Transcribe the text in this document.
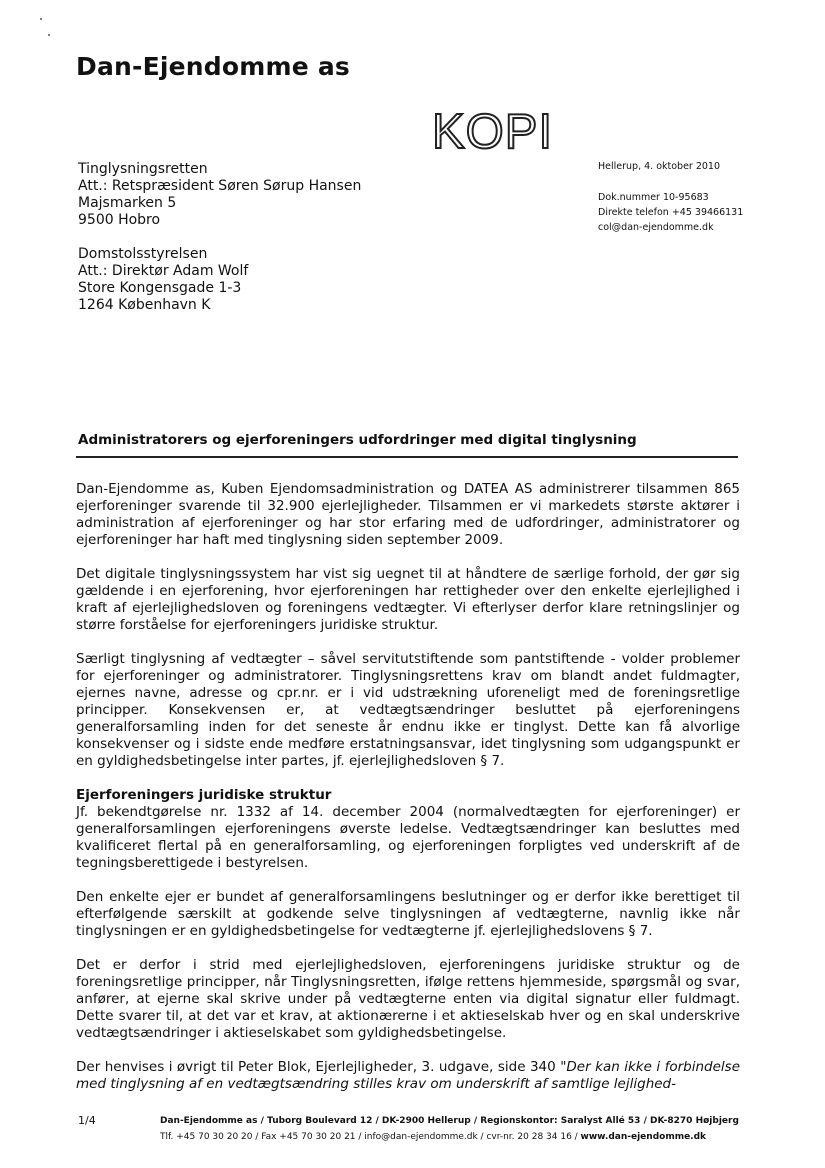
Dan-Ejendomme as
KOPI
Tinglysningsretten
Att.: Retspræsident Søren Sørup Hansen
Majsmarken 5
9500 Hobro
Domstolsstyrelsen
Att.: Direktør Adam Wolf
Store Kongensgade 1-3
1264 København K
Hellerup, 4. oktober 2010
Dok.nummer 10-95683
Direkte telefon +45 39466131
col@dan-ejendomme.dk
Administratorers og ejerforeningers udfordringer med digital tinglysning

Dan-Ejendomme as, Kuben Ejendomsadministration og DATEA AS administrerer tilsammen 865 ejerforeninger svarende til 32.900 ejerlejligheder. Tilsammen er vi markedets største aktører i administration af ejerforeninger og har stor erfaring med de udfordringer, administratorer og ejerforeninger har haft med tinglysning siden september 2009.

Det digitale tinglysningssystem har vist sig uegnet til at håndtere de særlige forhold, der gør sig gældende i en ejerforening, hvor ejerforeningen har rettigheder over den enkelte ejerlejlighed i kraft af ejerlejlighedsloven og foreningens vedtægter. Vi efterlyser derfor klare retningslinjer og større forståelse for ejerforeningers juridiske struktur.

Særligt tinglysning af vedtægter – såvel servitutstiftende som pantstiftende - volder problemer for ejerforeninger og administratorer. Tinglysningsrettens krav om blandt andet fuldmagter, ejernes navne, adresse og cpr.nr. er i vid udstrækning uforeneligt med de foreningsretlige principper. Konsekvensen er, at vedtægtsændringer besluttet på ejerforeningens generalforsamling inden for det seneste år endnu ikke er tinglyst. Dette kan få alvorlige konsekvenser og i sidste ende medføre erstatningsansvar, idet tinglysning som udgangspunkt er en gyldighedsbetingelse inter partes, jf. ejerlejlighedsloven § 7.

Ejerforeningers juridiske struktur

Jf. bekendtgørelse nr. 1332 af 14. december 2004 (normalvedtægten for ejerforeninger) er generalforsamlingen ejerforeningens øverste ledelse. Vedtægtsændringer kan besluttes med kvalificeret flertal på en generalforsamling, og ejerforeningen forpligtes ved underskrift af de tegningsberettigede i bestyrelsen.

Den enkelte ejer er bundet af generalforsamlingens beslutninger og er derfor ikke berettiget til efterfølgende særskilt at godkende selve tinglysningen af vedtægterne, navnlig ikke når tinglysningen er en gyldighedsbetingelse for vedtægterne jf. ejerlejlighedslovens § 7.

Det er derfor i strid med ejerlejlighedsloven, ejerforeningens juridiske struktur og de foreningsretlige principper, når Tinglysningsretten, ifølge rettens hjemmeside, spørgsmål og svar, anfører, at ejerne skal skrive under på vedtægterne enten via digital signatur eller fuldmagt. Dette svarer til, at det var et krav, at aktionærerne i et aktieselskab hver og en skal underskrive vedtægtsændringer i aktieselskabet som gyldighedsbetingelse.

Der henvises i øvrigt til Peter Blok, Ejerlejligheder, 3. udgave, side 340 "Der kan ikke i forbindelse med tinglysning af en vedtægtsændring stilles krav om underskrift af samtlige lejlighed-

1/4	Dan-Ejendomme as / Tuborg Boulevard 12 / DK-2900 Hellerup / Regionskontor: Saralyst Allé 53 / DK-8270 Højbjerg
Tlf. +45 70 30 20 20 / Fax +45 70 30 20 21 / info@dan-ejendomme.dk / cvr-nr. 20 28 34 16 / www.dan-ejendomme.dk
